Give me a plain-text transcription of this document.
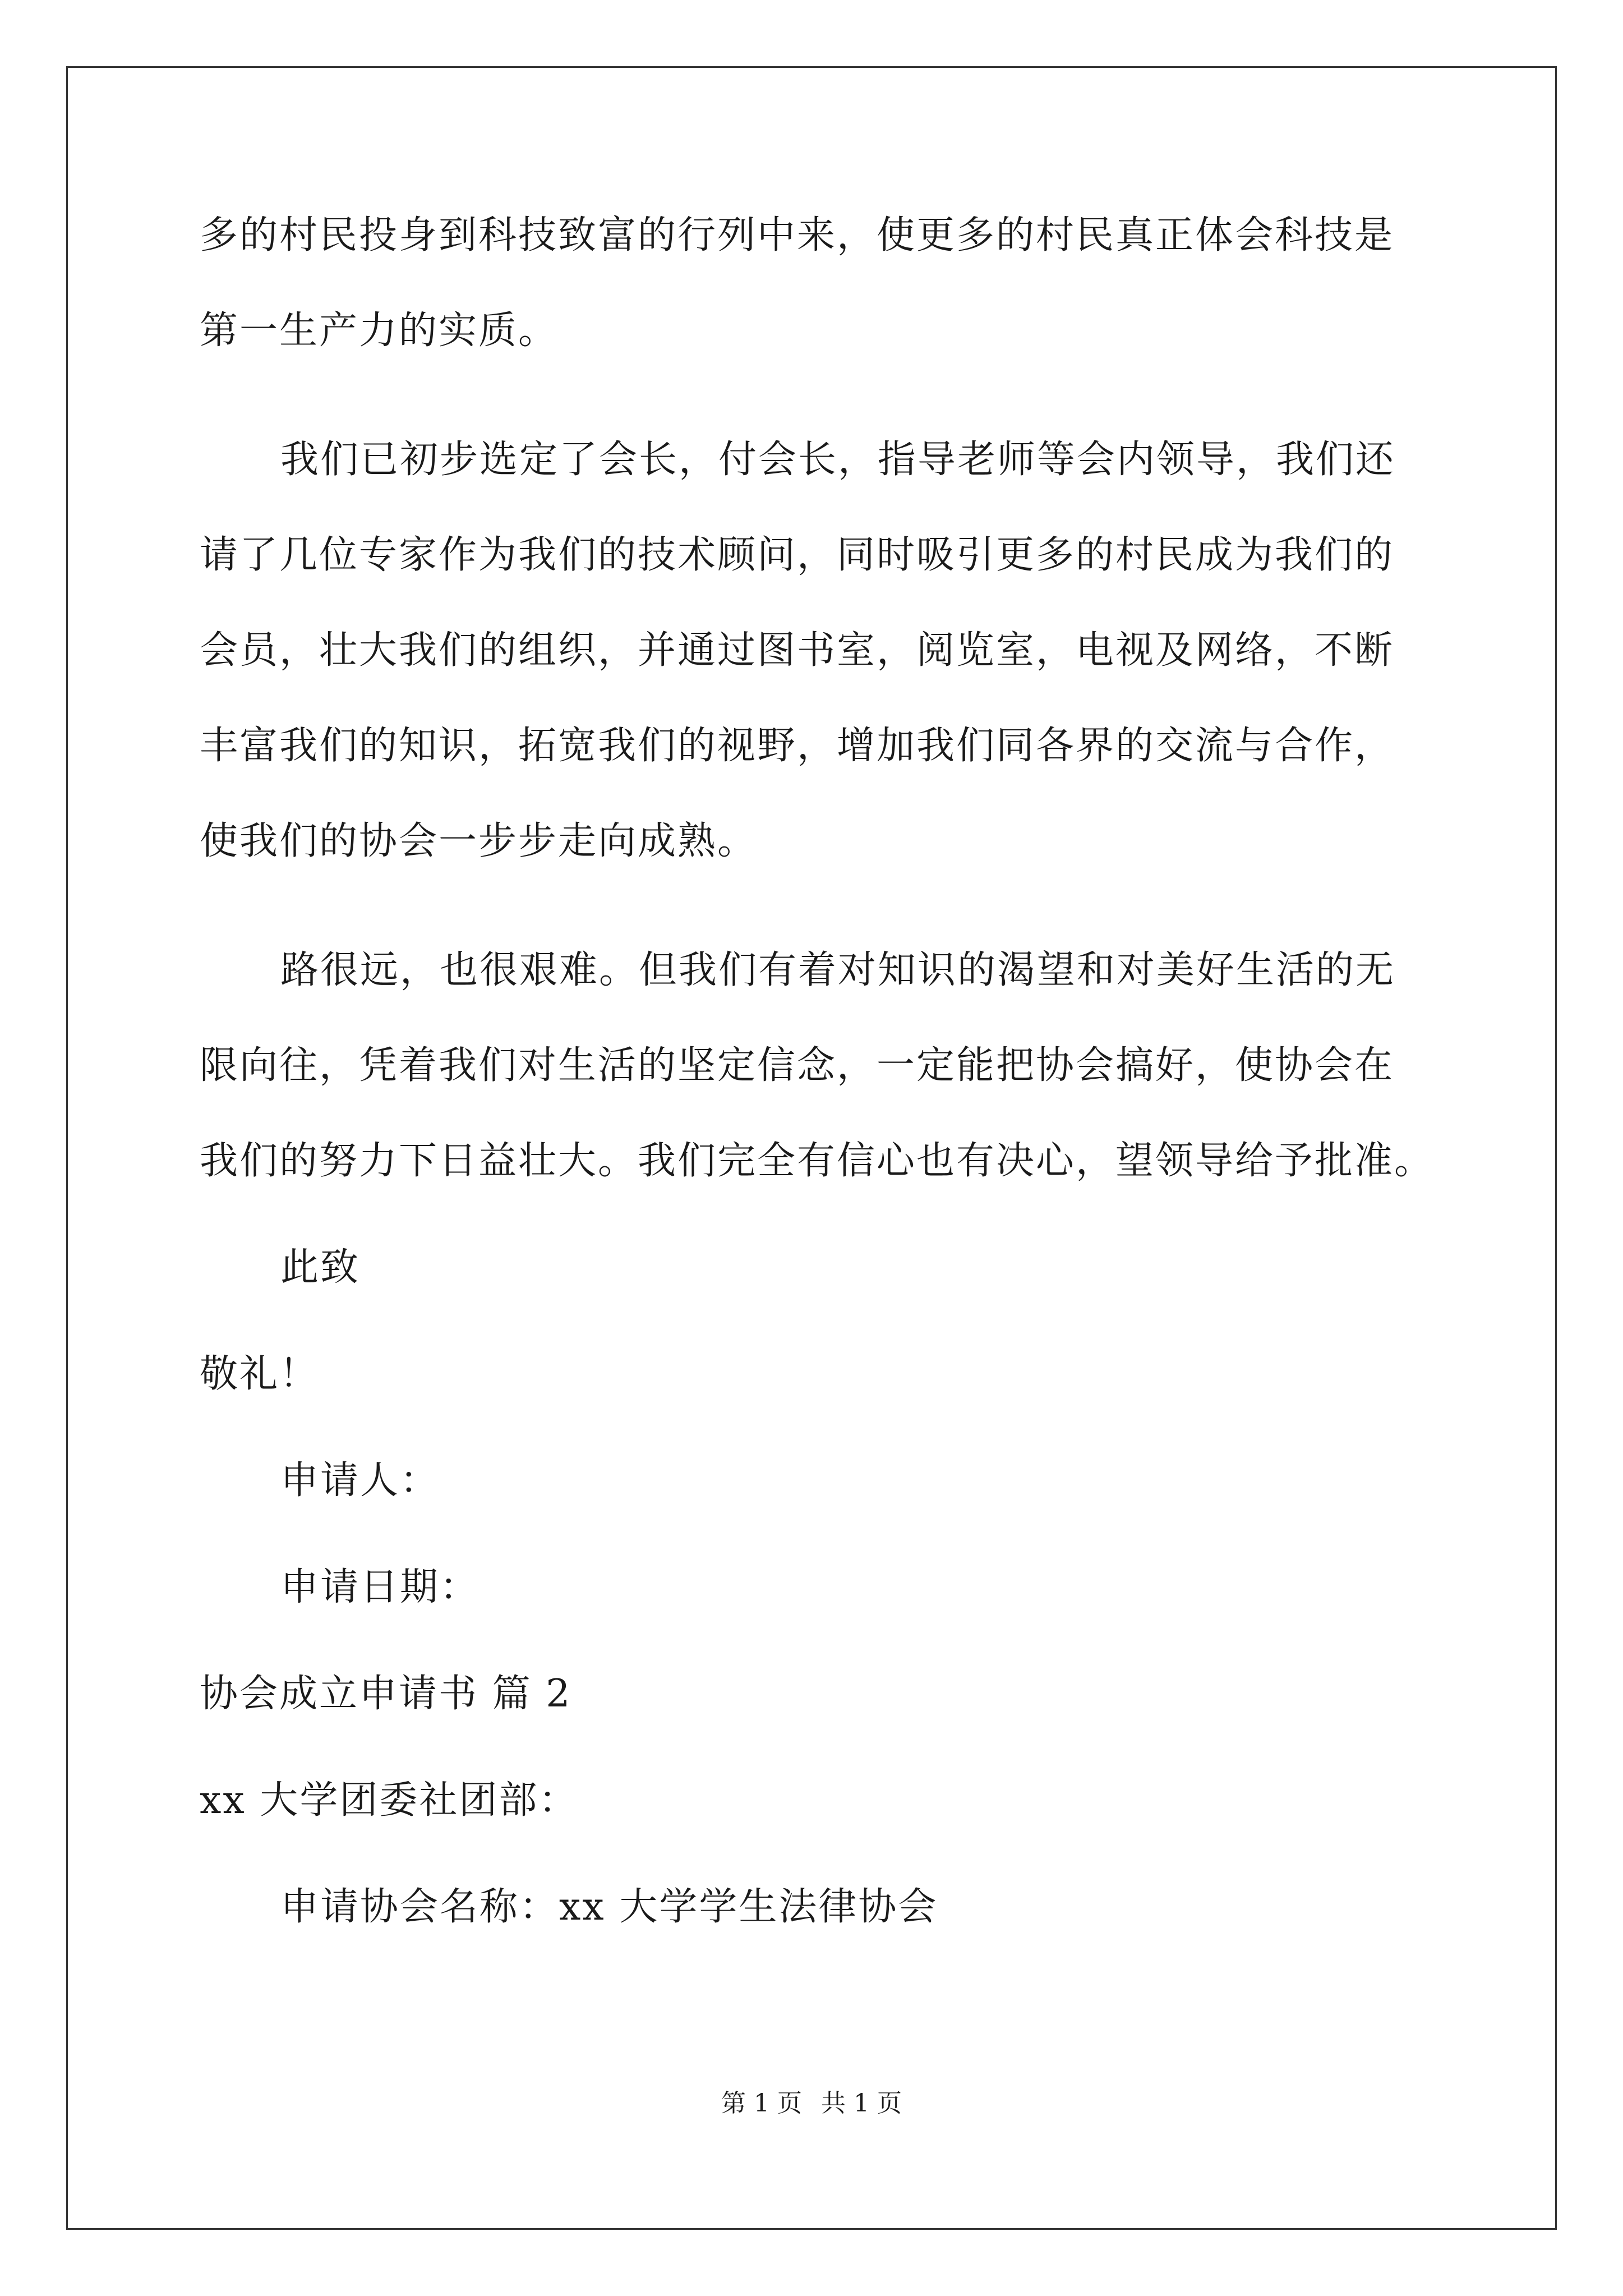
多的村民投身到科技致富的行列中来，使更多的村民真正体会科技是
第一生产力的实质。
我们已初步选定了会长，付会长，指导老师等会内领导，我们还
请了几位专家作为我们的技术顾问，同时吸引更多的村民成为我们的
会员，壮大我们的组织，并通过图书室，阅览室，电视及网络，不断
丰富我们的知识，拓宽我们的视野，增加我们同各界的交流与合作，
使我们的协会一步步走向成熟。
路很远，也很艰难。但我们有着对知识的渴望和对美好生活的无
限向往，凭着我们对生活的坚定信念，一定能把协会搞好，使协会在
我们的努力下日益壮大。我们完全有信心也有决心，望领导给予批准。
此致
敬礼！
申请人：
申请日期：
协会成立申请书 篇 2
xx 大学团委社团部：
申请协会名称：xx 大学学生法律协会
第 1 页 共 1 页
